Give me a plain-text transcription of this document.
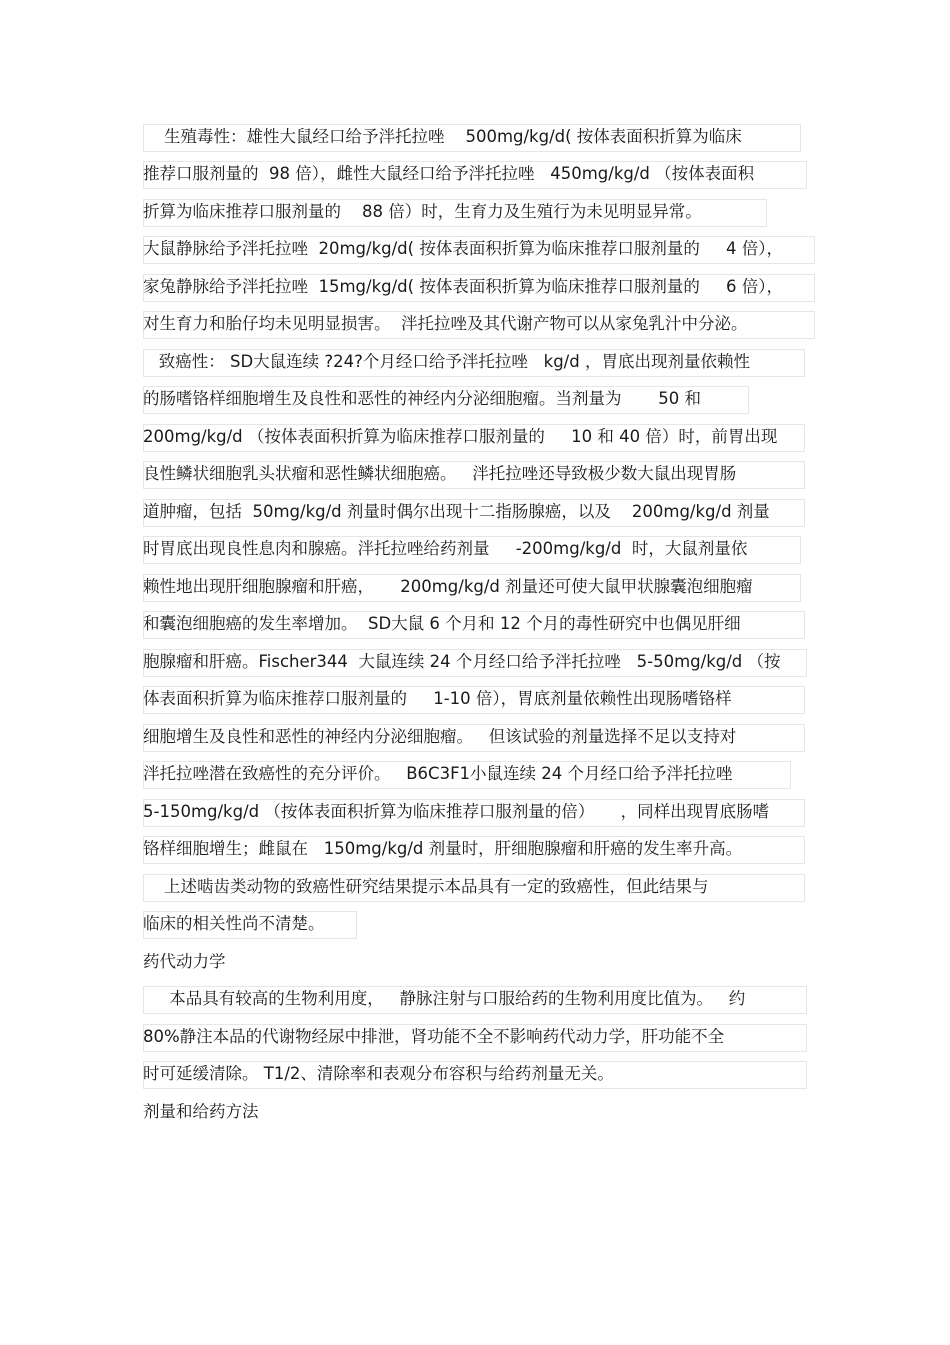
生殖毒性：雄性大鼠经口给予泮托拉唑    500mg/kg/d( 按体表面积折算为临床
推荐口服剂量的  98 倍），雌性大鼠经口给予泮托拉唑   450mg/kg/d （按体表面积
折算为临床推荐口服剂量的    88 倍）时，生育力及生殖行为未见明显异常。
大鼠静脉给予泮托拉唑  20mg/kg/d( 按体表面积折算为临床推荐口服剂量的     4 倍），
家兔静脉给予泮托拉唑  15mg/kg/d( 按体表面积折算为临床推荐口服剂量的     6 倍），
对生育力和胎仔均未见明显损害。  泮托拉唑及其代谢产物可以从家兔乳汁中分泌。
致癌性： SD大鼠连续 ?24?个月经口给予泮托拉唑   kg/d ，胃底出现剂量依赖性
的肠嗜铬样细胞增生及良性和恶性的神经内分泌细胞瘤。当剂量为       50 和
200mg/kg/d （按体表面积折算为临床推荐口服剂量的     10 和 40 倍）时，前胃出现
良性鳞状细胞乳头状瘤和恶性鳞状细胞癌。   泮托拉唑还导致极少数大鼠出现胃肠
道肿瘤，包括  50mg/kg/d 剂量时偶尔出现十二指肠腺癌，以及    200mg/kg/d 剂量
时胃底出现良性息肉和腺癌。泮托拉唑给药剂量     -200mg/kg/d  时，大鼠剂量依
赖性地出现肝细胞腺瘤和肝癌，     200mg/kg/d 剂量还可使大鼠甲状腺囊泡细胞瘤
和囊泡细胞癌的发生率增加。  SD大鼠 6 个月和 12 个月的毒性研究中也偶见肝细
胞腺瘤和肝癌。Fischer344  大鼠连续 24 个月经口给予泮托拉唑   5-50mg/kg/d （按
体表面积折算为临床推荐口服剂量的     1-10 倍），胃底剂量依赖性出现肠嗜铬样
细胞增生及良性和恶性的神经内分泌细胞瘤。   但该试验的剂量选择不足以支持对
泮托拉唑潜在致癌性的充分评价。   B6C3F1小鼠连续 24 个月经口给予泮托拉唑
5-150mg/kg/d （按体表面积折算为临床推荐口服剂量的倍）     ，同样出现胃底肠嗜
铬样细胞增生；雌鼠在   150mg/kg/d 剂量时，肝细胞腺瘤和肝癌的发生率升高。
上述啮齿类动物的致癌性研究结果提示本品具有一定的致癌性，但此结果与
临床的相关性尚不清楚。
药代动力学
本品具有较高的生物利用度，   静脉注射与口服给药的生物利用度比值为。   约
80%静注本品的代谢物经尿中排泄，肾功能不全不影响药代动力学，肝功能不全
时可延缓清除。 T1/2、清除率和表观分布容积与给药剂量无关。
剂量和给药方法
